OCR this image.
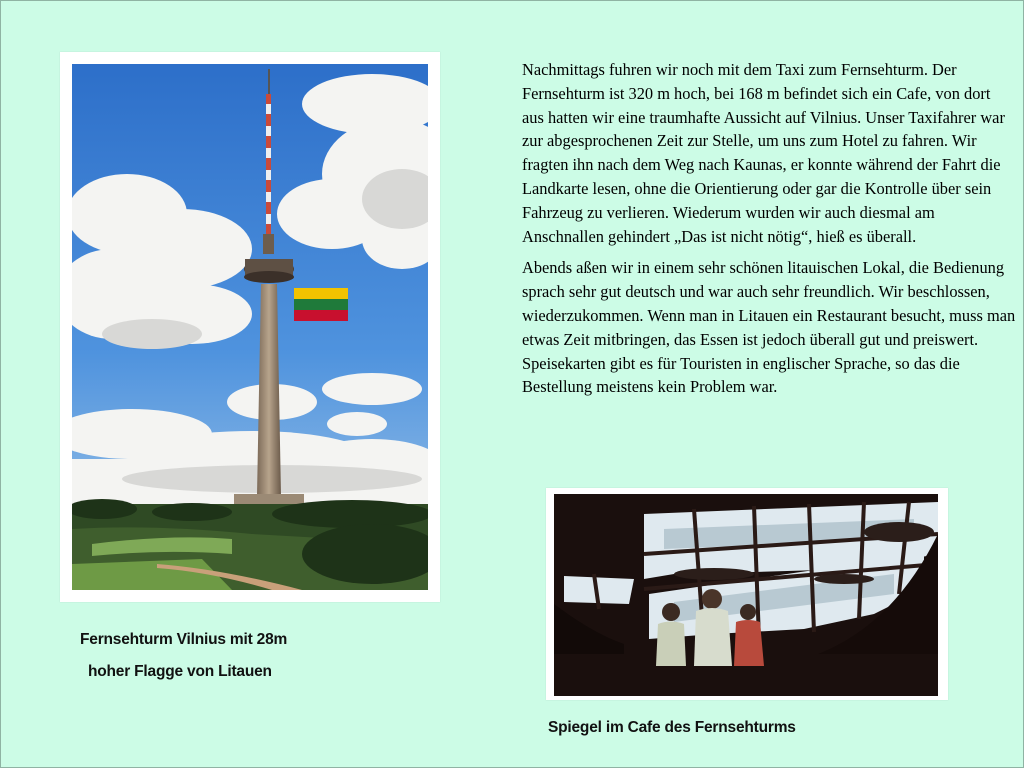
Fernsehturm Vilnius mit 28m
hoher Flagge von Litauen

Nachmittags fuhren wir noch mit dem Taxi zum Fernsehturm. Der Fernsehturm ist 320 m hoch, bei 168 m befindet sich ein Cafe, von dort aus hatten wir eine traumhafte Aussicht auf Vilnius. Unser Taxifahrer war zur abgesprochenen Zeit zur Stelle, um uns zum Hotel zu fahren. Wir fragten ihn nach dem Weg nach Kaunas, er konnte während der Fahrt die Landkarte lesen, ohne die Orientierung oder gar die Kontrolle über sein Fahrzeug zu verlieren. Wiederum wurden wir auch diesmal am Anschnallen gehindert „Das ist nicht nötig“, hieß es überall.

Abends aßen wir in einem sehr schönen litauischen Lokal, die Bedienung sprach sehr gut deutsch und war auch sehr freundlich. Wir beschlossen, wiederzukommen. Wenn man in Litauen ein Restaurant besucht, muss man etwas Zeit mitbringen, das Essen ist jedoch überall gut und preiswert. Speisekarten gibt es für Touristen in englischer Sprache, so das die Bestellung meistens kein Problem war.

Spiegel im Cafe des Fernsehturms
